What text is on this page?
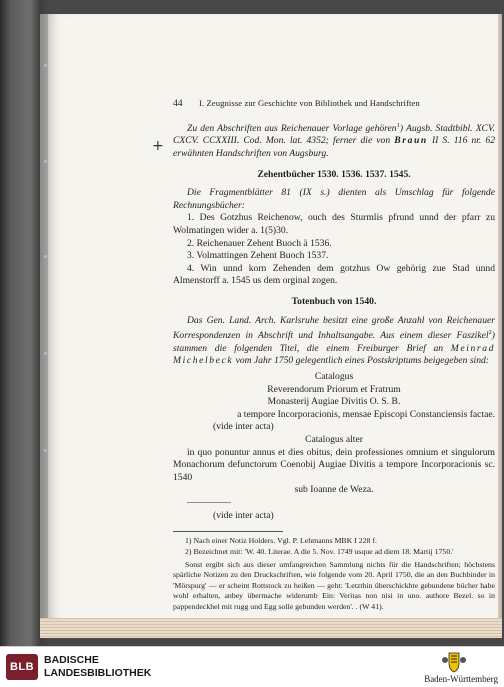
+
44	I. Zeugnisse zur Geschichte von Bibliothek und Handschriften

Zu den Abschriften aus Reichenauer Vorlage gehören$^1$) Augsb. Stadtbibl. XCV. CXCV. CCXXIII. Cod. Mon. lat. 4352; ferner die von Braun II S. 116 nr. 62 erwähnten Handschriften von Augsburg.

Zehentbücher 1530. 1536. 1537. 1545.

Die Fragmentblätter 81 (IX s.) dienten als Umschlag für folgende Rechnungsbücher:

1. Des Gotzhus Reichenow, ouch des Sturmlis pfrund unnd der pfarr zu Wolmatingen wider a. 1(5)30.

2. Reichenauer Zehent Buoch ä 1536.

3. Volmattingen Zehent Buoch 1537.

4. Win unnd korn Zehenden dem gotzhus Ow gehörig zue Stad unnd Almenstorff a. 1545 us dem orginal zogen.

Totenbuch von 1540.

Das Gen. Land. Arch. Karlsruhe besitzt eine große Anzahl von Reichenauer Korrespondenzen in Abschrift und Inhaltsangabe. Aus einem dieser Faszikel$^2$) stammen die folgenden Titel, die einem Freiburger Brief an Meinrad Michelbeck vom Jahr 1750 gelegentlich eines Postskriptums beigegeben sind:

Catalogus

Reverendorum Priorum et Fratrum

Monasterij Augiae Divitis O. S. B.

a tempore Incorporacionis, mensae Episcopi Constanciensis factae.

(vide inter acta)

Catalogus alter

in quo ponuntur annus et dies obitus, dein professiones omnium et singulorum Monachorum defunctorum Coenobij Augiae Divitis a tempore Incorporacionis sc. 1540

sub Ioanne de Weza.

—————

(vide inter acta)

1) Nach einer Notiz Holders. Vgl. P. Lehmanns MBK I 228 f.

2) Bezeichnet mit: 'W. 40. Literae. A die 5. Nov. 1749 usque ad diem 18. Martij 1750.'

Sonst ergibt sich aus dieser umfangreichen Sammlung nichts für die Handschriften; höchstens spärliche Notizen zu den Druckschriften, wie folgende vom 20. April 1750, die an den Buchbinder in 'Mörspurg' — er scheint Rottstock zu heißen — geht: 'Letzthin überschickhte gebundene bücher habe wohl erhalten, anbey übermache widerumb Ein: Veritas non nisi in uno. authore Bezel. so in pappendeckhel mit rugg und Egg solle gebunden werden'. . (W 41).

BLB
BADISCHE
LANDESBIBLIOTHEK	Baden-Württemberg
